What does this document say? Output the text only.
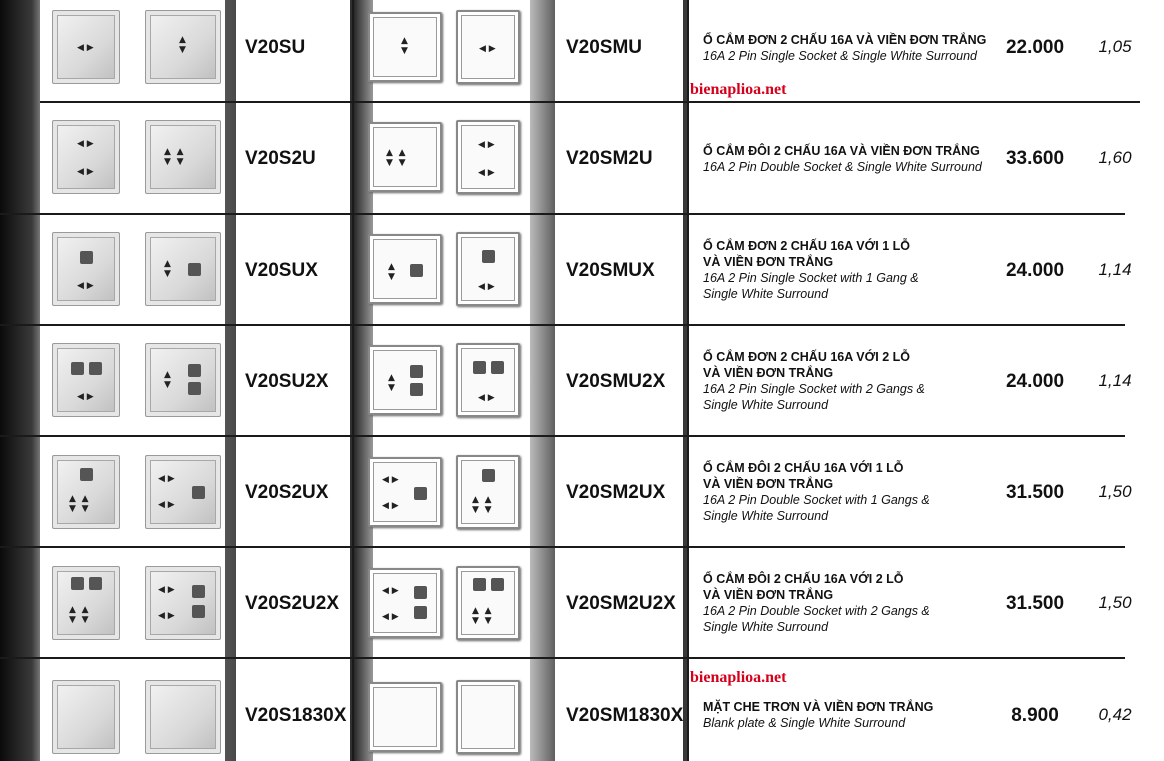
◀ ▶
▲
▼
▲
▼	◀ ▶
V20SU	V20SMU	Ổ CẮM ĐƠN 2 CHẤU 16A VÀ VIỀN ĐƠN TRẮNG
16A 2 Pin Single Socket & Single White Surround	22.000	1,05
bienaplioa.net
◀ ▶
◀ ▶
▲  ▲
▼  ▼
▲  ▲
▼  ▼
◀ ▶
◀ ▶
V20S2U	V20SM2U	Ổ CẮM ĐÔI 2 CHẤU 16A VÀ VIỀN ĐƠN TRẮNG
16A 2 Pin Double Socket & Single White Surround	33.600	1,60
◀ ▶
▲
▼
▲
▼
◀ ▶
V20SUX	V20SMUX
Ổ CẮM ĐƠN 2 CHẤU 16A VỚI 1 LỖ
VÀ VIỀN ĐƠN TRẮNG
16A 2 Pin Single Socket with 1 Gang &
Single White Surround
24.000	1,14
◀ ▶
▲
▼
▲
▼
◀ ▶
V20SU2X	V20SMU2X
Ổ CẮM ĐƠN 2 CHẤU 16A VỚI 2 LỖ
VÀ VIỀN ĐƠN TRẮNG
16A 2 Pin Single Socket with 2 Gangs &
Single White Surround
24.000	1,14
▲  ▲
▼  ▼
◀ ▶
◀ ▶
◀ ▶
◀ ▶
▲  ▲
▼  ▼
V20S2UX	V20SM2UX
Ổ CẮM ĐÔI 2 CHẤU 16A VỚI 1 LỖ
VÀ VIỀN ĐƠN TRẮNG
16A 2 Pin Double Socket with 1 Gangs &
Single White Surround
31.500	1,50
▲  ▲
▼  ▼
◀ ▶
◀ ▶
◀ ▶
◀ ▶
▲  ▲
▼  ▼
V20S2U2X	V20SM2U2X
Ổ CẮM ĐÔI 2 CHẤU 16A VỚI 2 LỖ
VÀ VIỀN ĐƠN TRẮNG
16A 2 Pin Double Socket with 2 Gangs &
Single White Surround
31.500	1,50
bienaplioa.net
V20S1830X	V20SM1830X MẶT CHE TRƠN VÀ VIỀN ĐƠN TRẮNG
Blank plate & Single White Surround	8.900	0,42
